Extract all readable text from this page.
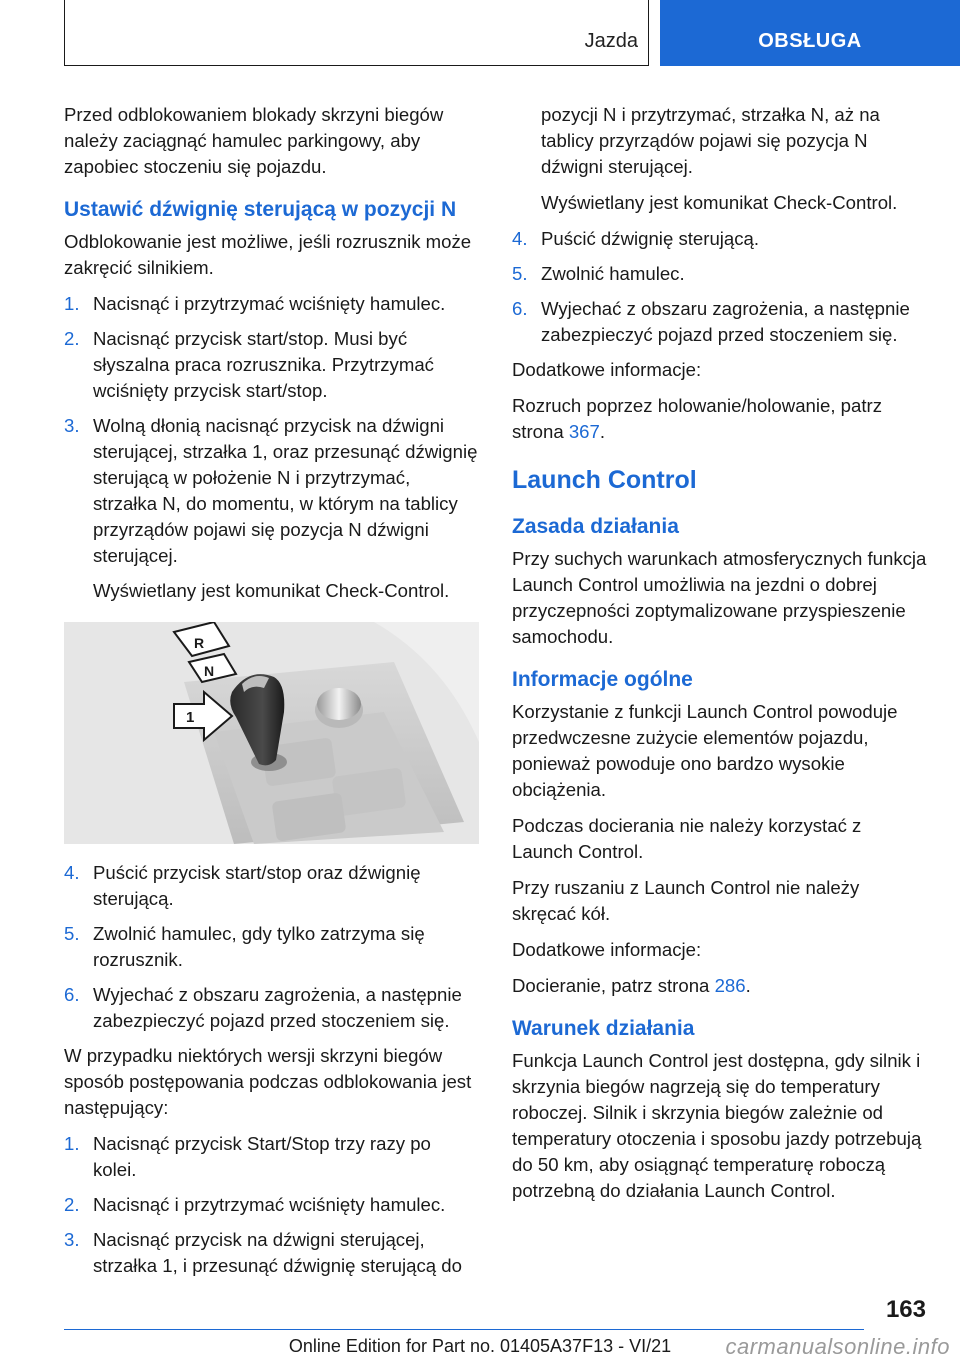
Jazda	OBSŁUGA

Przed odblokowaniem blokady skrzyni biegów należy zaciągnąć hamulec parkingowy, aby zapobiec stoczeniu się pojazdu.

Ustawić dźwignię sterującą w pozycji N

Odblokowanie jest możliwe, jeśli rozrusznik może zakręcić silnikiem.

1. Nacisnąć i przytrzymać wciśnięty hamulec.
2. Nacisnąć przycisk start/stop. Musi być słyszalna praca rozrusznika. Przytrzymać wciśnięty przycisk start/stop.
3. Wolną dłonią nacisnąć przycisk na dźwigni sterującej, strzałka 1, oraz przesunąć dźwignię sterującą w położenie N i przytrzymać, strzałka N, do momentu, w którym na tablicy przyrządów pojawi się pozycja N dźwigni sterującej.
Wyświetlany jest komunikat Check-Control.
R
N
1
4. Puścić przycisk start/stop oraz dźwignię sterującą.
5. Zwolnić hamulec, gdy tylko zatrzyma się rozrusznik.
6. Wyjechać z obszaru zagrożenia, a następnie zabezpieczyć pojazd przed stoczeniem się.

W przypadku niektórych wersji skrzyni biegów sposób postępowania podczas odblokowania jest następujący:

1. Nacisnąć przycisk Start/Stop trzy razy po kolei.
2. Nacisnąć i przytrzymać wciśnięty hamulec.
3. Nacisnąć przycisk na dźwigni sterującej, strzałka 1, i przesunąć dźwignię sterującą do
pozycji N i przytrzymać, strzałka N, aż na tablicy przyrządów pojawi się pozycja N dźwigni sterującej.
Wyświetlany jest komunikat Check-Control.
4. Puścić dźwignię sterującą.
5. Zwolnić hamulec.
6. Wyjechać z obszaru zagrożenia, a następnie zabezpieczyć pojazd przed stoczeniem się.

Dodatkowe informacje:

Rozruch poprzez holowanie/holowanie, patrz strona 367.

Launch Control
Zasada działania

Przy suchych warunkach atmosferycznych funkcja Launch Control umożliwia na jezdni o dobrej przyczepności zoptymalizowane przyspieszenie samochodu.

Informacje ogólne

Korzystanie z funkcji Launch Control powoduje przedwczesne zużycie elementów pojazdu, ponieważ powoduje ono bardzo wysokie obciążenia.

Podczas docierania nie należy korzystać z Launch Control.

Przy ruszaniu z Launch Control nie należy skręcać kół.

Dodatkowe informacje:

Docieranie, patrz strona 286.

Warunek działania

Funkcja Launch Control jest dostępna, gdy silnik i skrzynia biegów nagrzeją się do temperatury roboczej. Silnik i skrzynia biegów zależnie od temperatury otoczenia i sposobu jazdy potrzebują do 50 km, aby osiągnąć temperaturę roboczą potrzebną do działania Launch Control.

163
Online Edition for Part no. 01405A37F13 - VI/21	carmanualsonline.info
